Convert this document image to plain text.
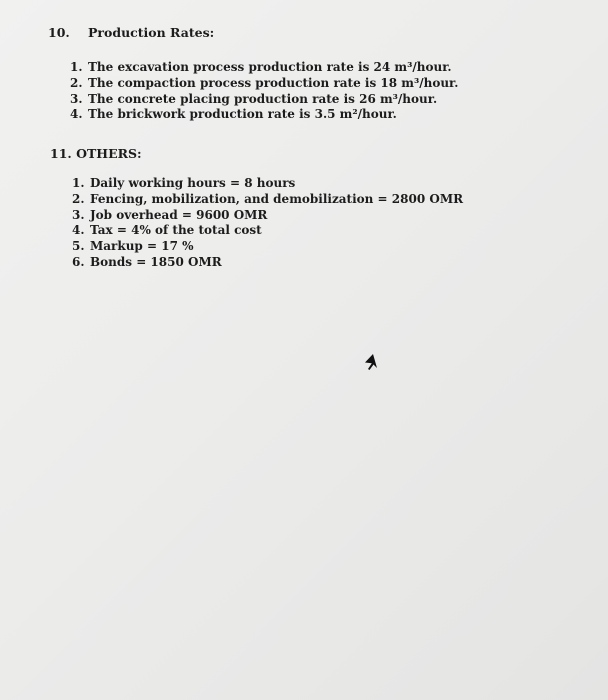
10. Production Rates:
1. The excavation process production rate is 24 m³/hour.
2. The compaction process production rate is 18 m³/hour.
3. The concrete placing production rate is 26 m³/hour.
4. The brickwork production rate is 3.5 m²/hour.
11. OTHERS:
1. Daily working hours = 8 hours
2. Fencing, mobilization, and demobilization = 2800 OMR
3. Job overhead = 9600 OMR
4. Tax = 4% of the total cost
5. Markup = 17 %
6. Bonds = 1850 OMR
